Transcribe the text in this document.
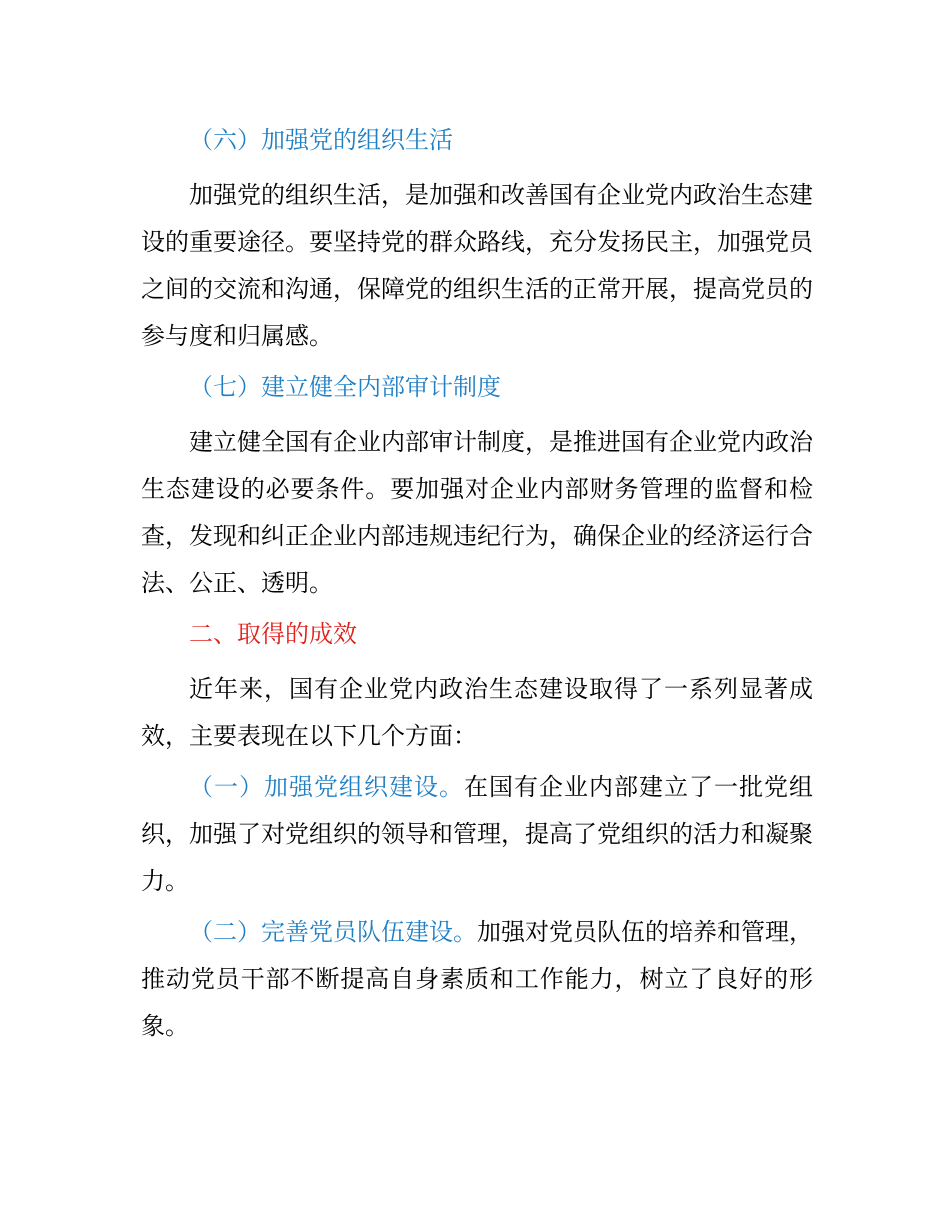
（六）加强党的组织生活

加强党的组织生活，是加强和改善国有企业党内政治生态建设的重要途径。要坚持党的群众路线，充分发扬民主，加强党员之间的交流和沟通，保障党的组织生活的正常开展，提高党员的参与度和归属感。

（七）建立健全内部审计制度

建立健全国有企业内部审计制度，是推进国有企业党内政治生态建设的必要条件。要加强对企业内部财务管理的监督和检查，发现和纠正企业内部违规违纪行为，确保企业的经济运行合法、公正、透明。

二、取得的成效

近年来，国有企业党内政治生态建设取得了一系列显著成效，主要表现在以下几个方面：

（一）加强党组织建设。在国有企业内部建立了一批党组织，加强了对党组织的领导和管理，提高了党组织的活力和凝聚力。

（二）完善党员队伍建设。加强对党员队伍的培养和管理，推动党员干部不断提高自身素质和工作能力，树立了良好的形象。
